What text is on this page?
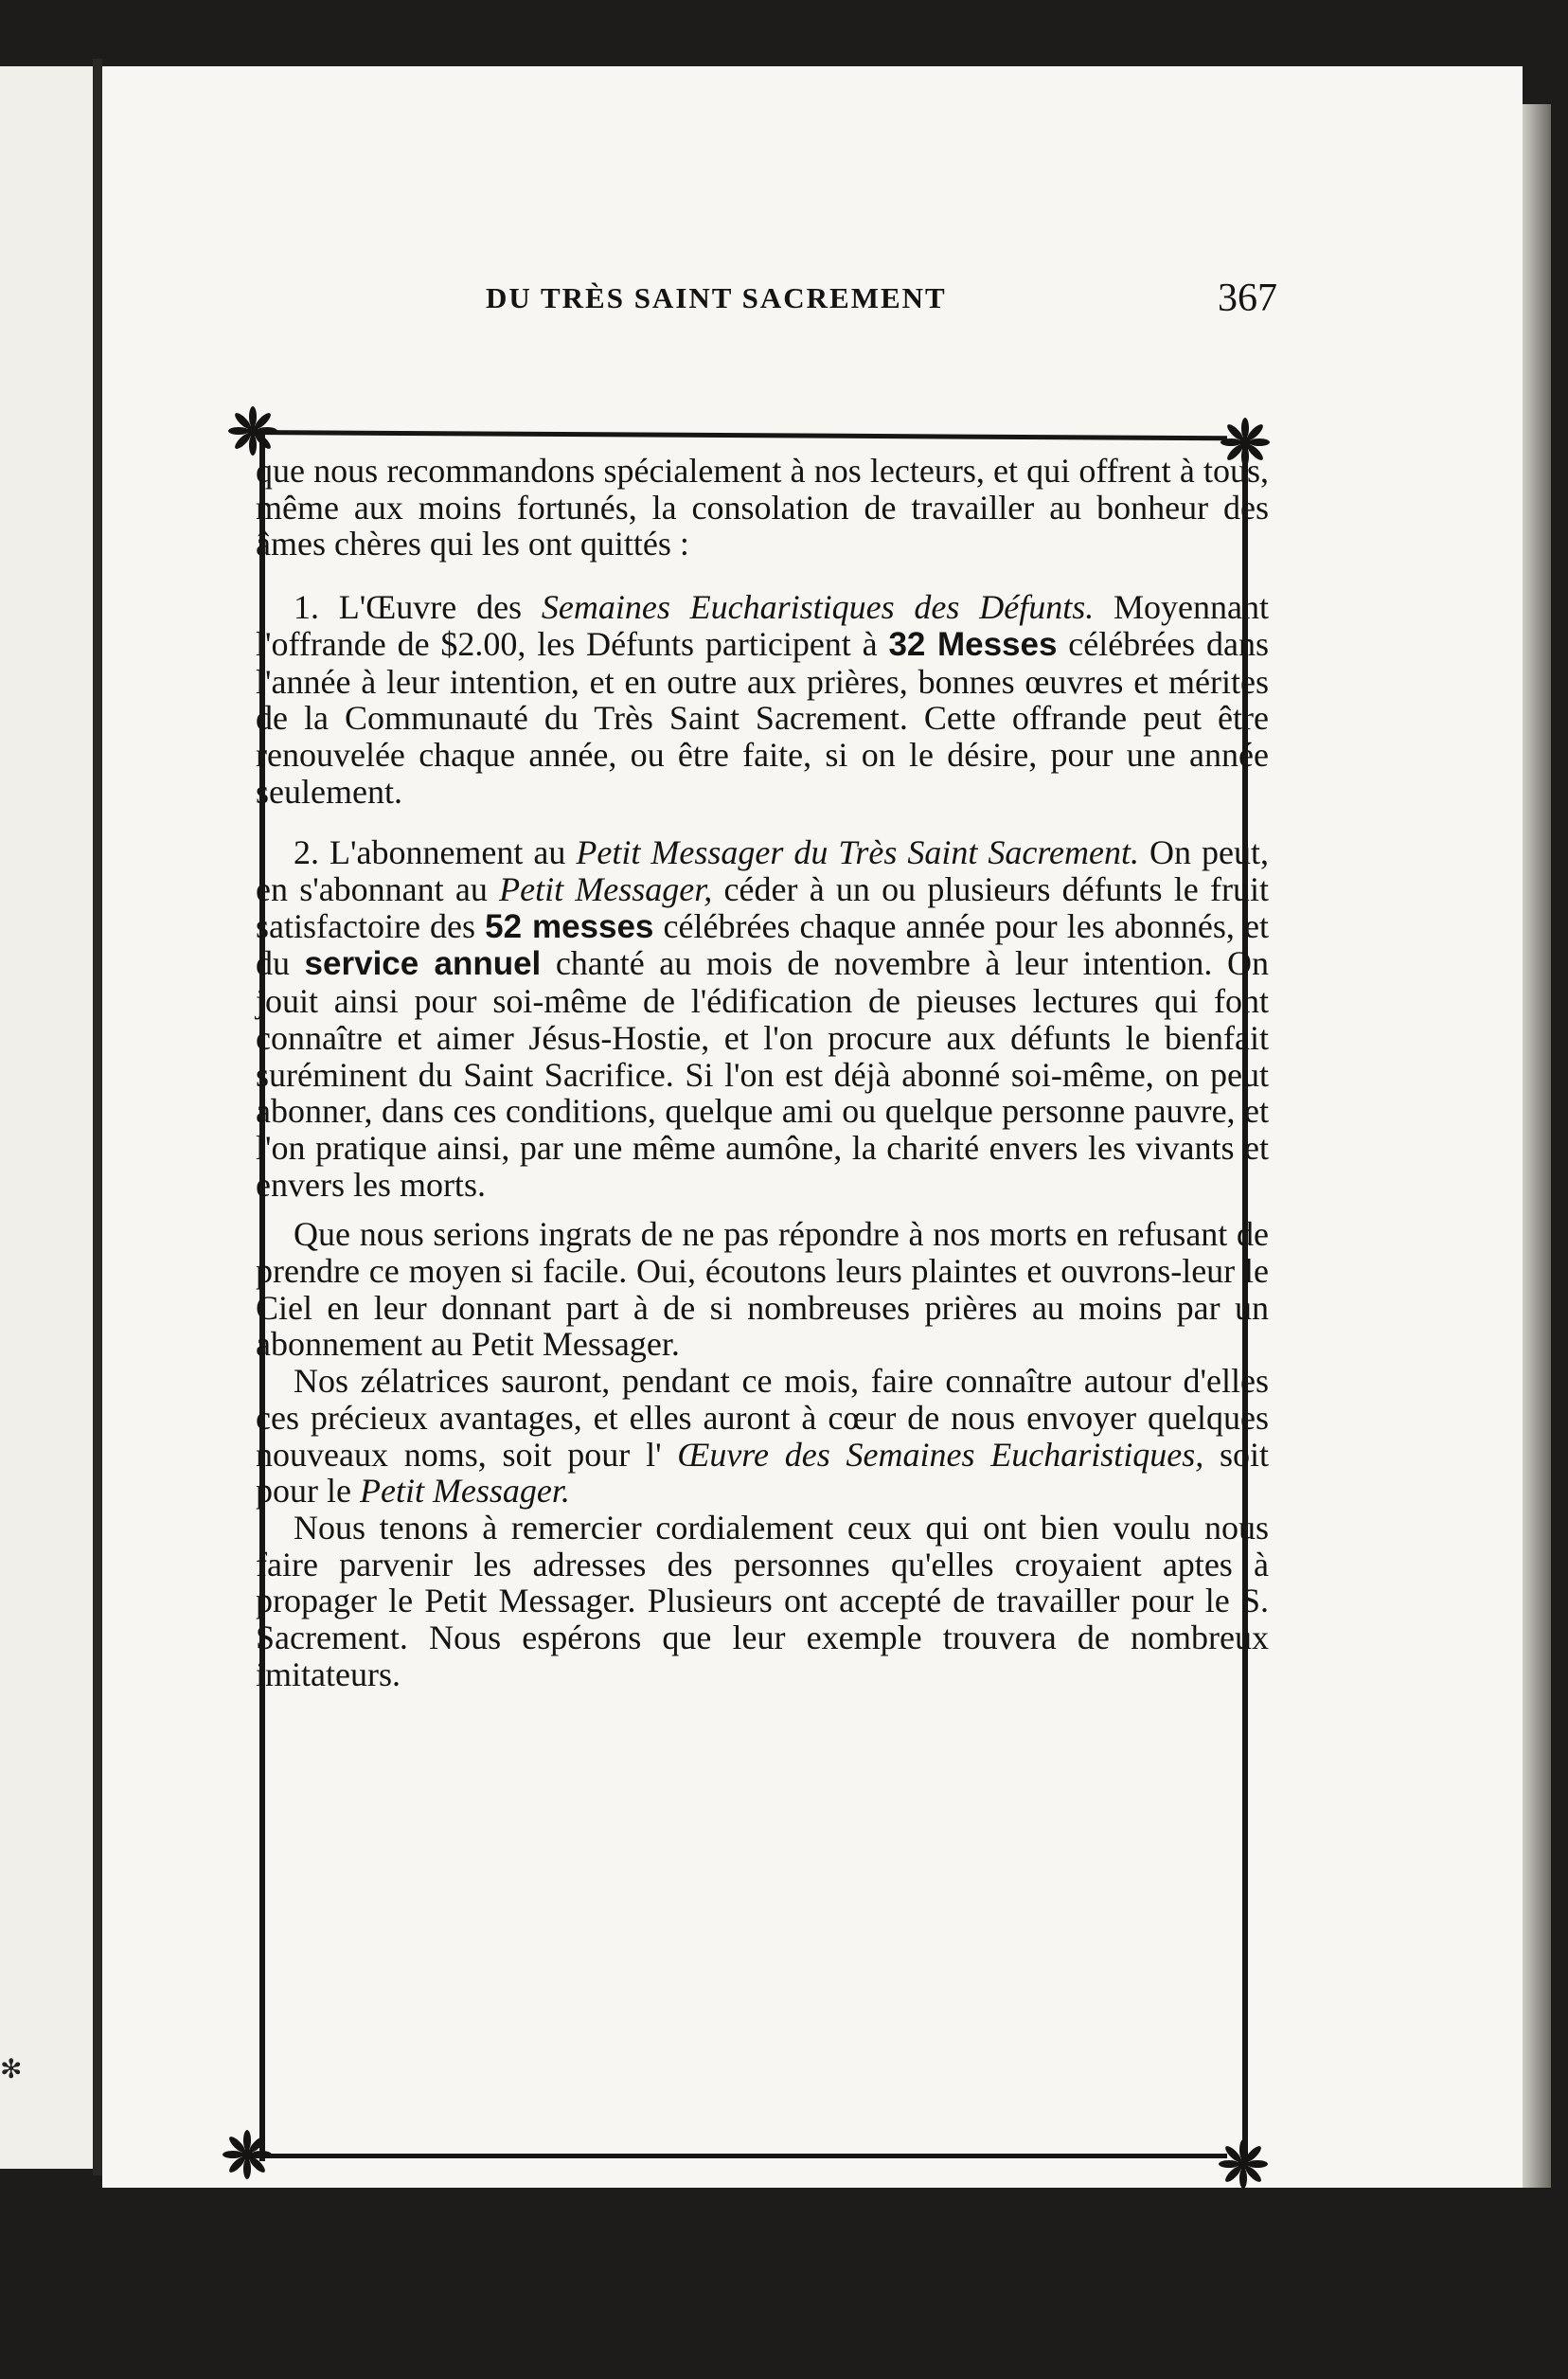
DU TRÈS SAINT SACREMENT	367

que nous recommandons spécialement à nos lecteurs, et qui offrent à tous, même aux moins fortunés, la consolation de travailler au bonheur des âmes chères qui les ont quittés :

1. L'Œuvre des Semaines Eucharistiques des Défunts. Moyennant l'offrande de $2.00, les Défunts participent à 32 Messes célébrées dans l'année à leur intention, et en outre aux prières, bonnes œuvres et mérites de la Communauté du Très Saint Sacrement. Cette offrande peut être renouvelée chaque année, ou être faite, si on le désire, pour une année seulement.

2. L'abonnement au Petit Messager du Très Saint Sacrement. On peut, en s'abonnant au Petit Messager, céder à un ou plusieurs défunts le fruit satisfactoire des 52 messes célébrées chaque année pour les abonnés, et du service annuel chanté au mois de novembre à leur intention. On jouit ainsi pour soi-même de l'édification de pieuses lectures qui font connaître et aimer Jésus-Hostie, et l'on procure aux défunts le bienfait suréminent du Saint Sacrifice. Si l'on est déjà abonné soi-même, on peut abonner, dans ces conditions, quelque ami ou quelque personne pauvre, et l'on pratique ainsi, par une même aumône, la charité envers les vivants et envers les morts.

Que nous serions ingrats de ne pas répondre à nos morts en refusant de prendre ce moyen si facile. Oui, écoutons leurs plaintes et ouvrons-leur le Ciel en leur donnant part à de si nombreuses prières au moins par un abonnement au Petit Messager.

Nos zélatrices sauront, pendant ce mois, faire connaître autour d'elles ces précieux avantages, et elles auront à cœur de nous envoyer quelques nouveaux noms, soit pour l' Œuvre des Semaines Eucharistiques, soit pour le Petit Messager.

Nous tenons à remercier cordialement ceux qui ont bien voulu nous faire parvenir les adresses des personnes qu'elles croyaient aptes à propager le Petit Messager. Plusieurs ont accepté de travailler pour le S. Sacrement. Nous espérons que leur exemple trouvera de nombreux imitateurs.

✻
